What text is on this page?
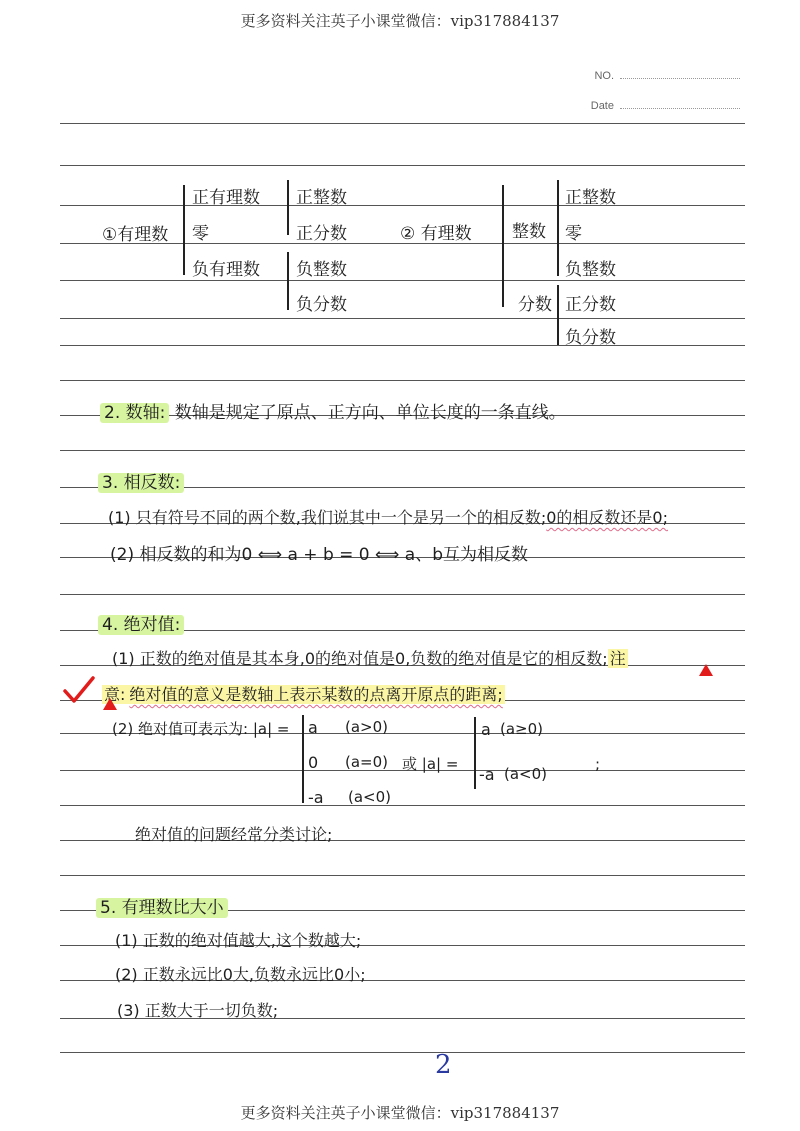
更多资料关注英子小课堂微信：vip317884137
更多资料关注英子小课堂微信：vip317884137
NO.
Date
①有理数
正有理数
零
负有理数
正整数
正分数
负整数
负分数
② 有理数 整数
分数
正整数
零
负整数
正分数
负分数
2. 数轴: 数轴是规定了原点、正方向、单位长度的一条直线。
3. 相反数:
(1) 只有符号不同的两个数,我们说其中一个是另一个的相反数;0的相反数还是0;
(2) 相反数的和为0 ⟺ a + b = 0 ⟺ a、b互为相反数
4. 绝对值:
(1) 正数的绝对值是其本身,0的绝对值是0,负数的绝对值是它的相反数; 注
意: 绝对值的意义是数轴上表示某数的点离开原点的距离;
(2) 绝对值可表示为: |a| = a (a>0)
0 (a=0) 或 |a| =
-a (a<0)
a (a≥0)
-a (a<0)
;
绝对值的问题经常分类讨论;
5. 有理数比大小
(1) 正数的绝对值越大,这个数越大;
(2) 正数永远比0大,负数永远比0小;
(3) 正数大于一切负数;
2
